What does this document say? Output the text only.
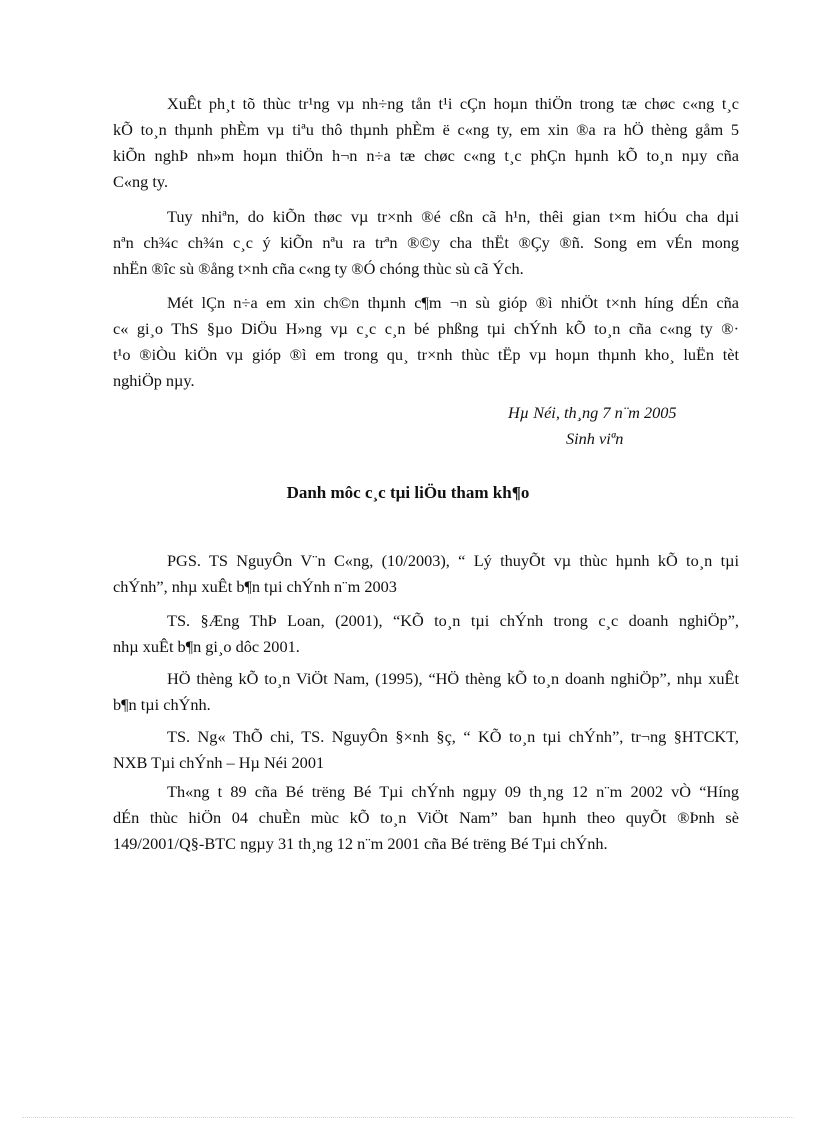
XuÊt ph¸t tõ thùc tr¹ng vµ nh÷ng tån t¹i cÇn hoµn thiÖn trong tæ chøc c«ng t¸c
kÕ to¸n thµnh phÈm vµ tiªu thô thµnh phÈm ë c«ng ty, em xin ®a ra hÖ thèng gåm 5
kiÕn nghÞ nh»m hoµn thiÖn h¬n n÷a tæ chøc c«ng t¸c phÇn hµnh kÕ to¸n nµy cña
C«ng ty.
Tuy nhiªn, do kiÕn thøc vµ tr×nh ®é cßn cã h¹n, thêi gian t×m hiÓu cha dµi
nªn ch¾c ch¾n c¸c ý kiÕn nªu ra trªn ®©y cha thËt ®Çy ®ñ. Song em vÉn mong
nhËn ®îc sù ®ång t×nh cña c«ng ty ®Ó chóng thùc sù cã Ých.
Mét lÇn n÷a em xin ch©n thµnh c¶m ¬n sù gióp ®ì nhiÖt t×nh híng dÉn cña
c« gi¸o ThS §µo DiÖu H»ng vµ c¸c c¸n bé phßng tµi chÝnh kÕ to¸n cña c«ng ty ®·
t¹o ®iÒu kiÖn vµ gióp ®ì em trong qu¸ tr×nh thùc tËp vµ hoµn thµnh kho¸ luËn tèt
nghiÖp nµy.
Hµ Néi, th¸ng 7 n¨m 2005
Sinh viªn
Danh môc c¸c tµi liÖu tham kh¶o
PGS. TS NguyÔn V¨n C«ng, (10/2003), “ Lý thuyÕt vµ thùc hµnh kÕ to¸n tµi
chÝnh”, nhµ xuÊt b¶n tµi chÝnh n¨m 2003
TS. §Æng ThÞ Loan, (2001), “KÕ to¸n tµi chÝnh trong c¸c doanh nghiÖp”,
nhµ xuÊt b¶n gi¸o dôc 2001.
HÖ thèng kÕ to¸n ViÖt Nam, (1995), “HÖ thèng kÕ to¸n doanh nghiÖp”, nhµ xuÊt
b¶n tµi chÝnh.
TS. Ng« ThÕ chi, TS. NguyÔn §×nh §ç, “ KÕ to¸n tµi chÝnh”, tr¬ng §HTCKT,
NXB Tµi chÝnh – Hµ Néi 2001
Th«ng t 89 cña Bé trëng Bé Tµi chÝnh ngµy 09 th¸ng 12 n¨m 2002 vÒ “Híng
dÉn thùc hiÖn 04 chuÈn mùc kÕ to¸n ViÖt Nam” ban hµnh theo quyÕt ®Þnh sè
149/2001/Q§-BTC ngµy 31 th¸ng 12 n¨m 2001 cña Bé trëng Bé Tµi chÝnh.
